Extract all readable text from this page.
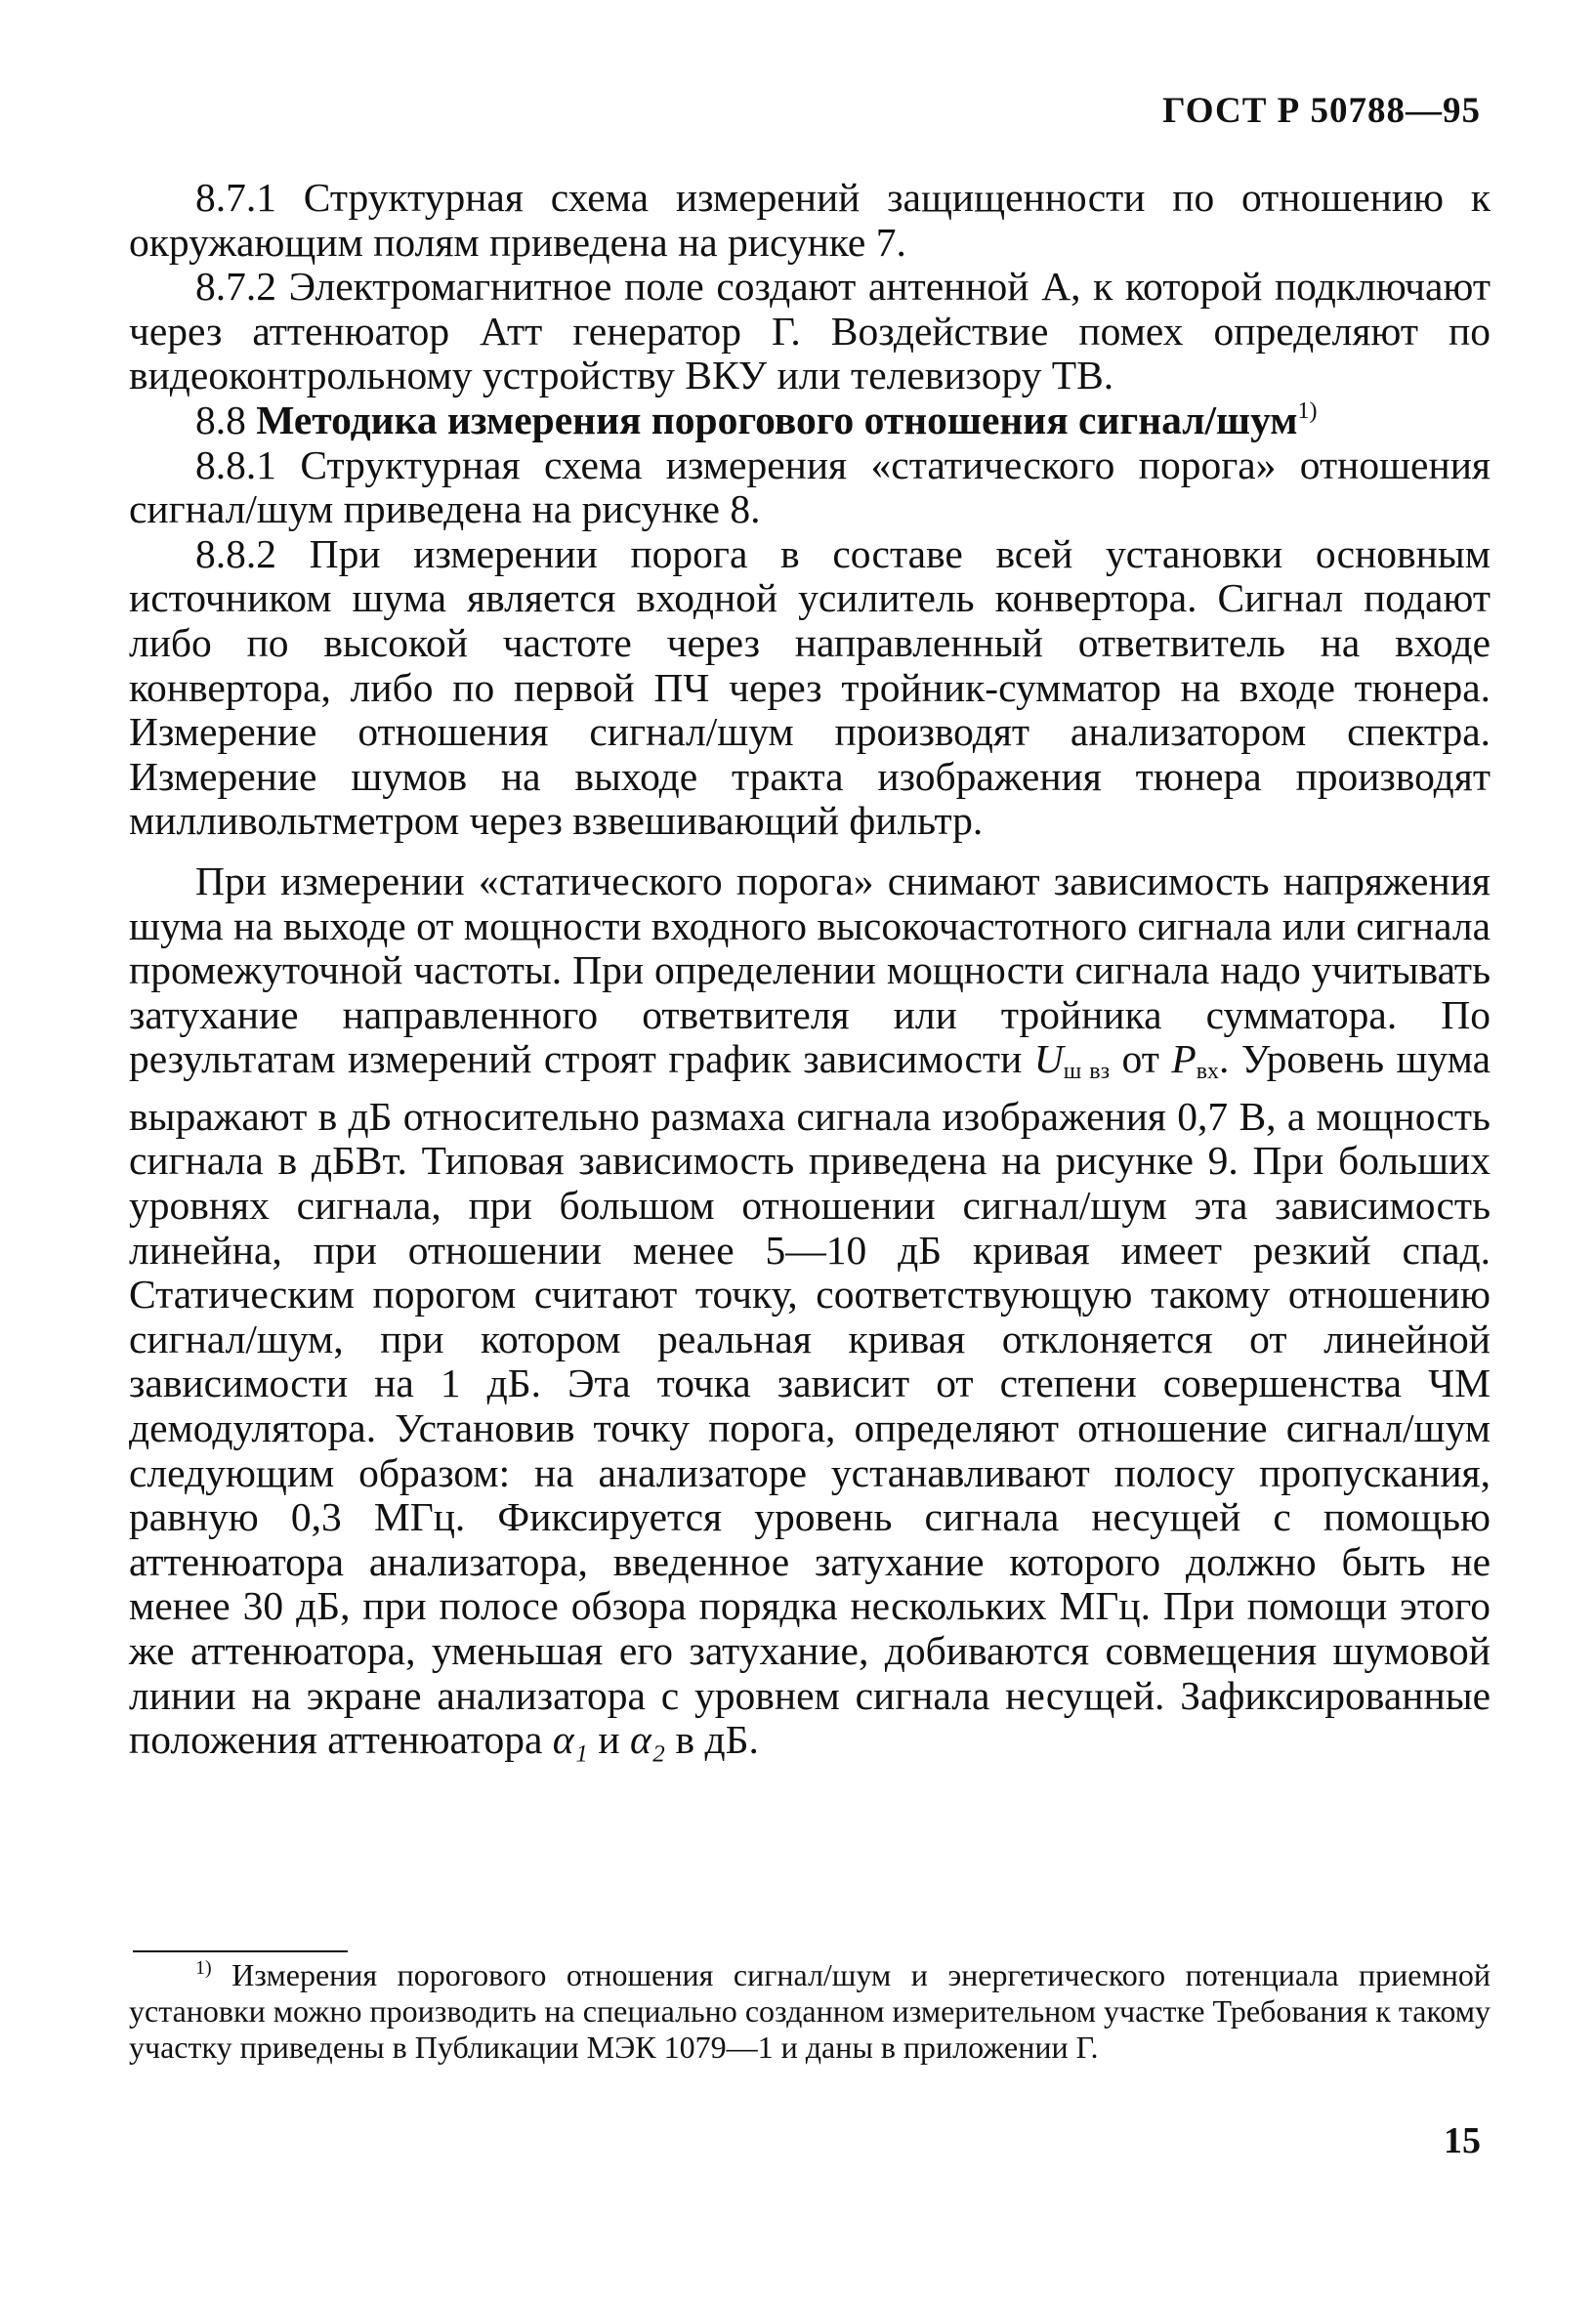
ГОСТ Р 50788—95

8.7.1 Структурная схема измерений защищенности по отношению к окружающим полям приведена на рисунке 7.

8.7.2 Электромагнитное поле создают антенной А, к которой подключают через аттенюатор Атт генератор Г. Воздействие помех определяют по видеоконтрольному устройству ВКУ или телевизору ТВ.

8.8 Методика измерения порогового отношения сигнал/шум$^{1)}$

8.8.1 Структурная схема измерения «статического порога» отношения сигнал/шум приведена на рисунке 8.

8.8.2 При измерении порога в составе всей установки основным источником шума является входной усилитель конвертора. Сигнал подают либо по высокой частоте через направленный ответвитель на входе конвертора, либо по первой ПЧ через тройник-сумматор на входе тюнера. Измерение отношения сигнал/шум производят анализатором спектра. Измерение шумов на выходе тракта изображения тюнера производят милливольтметром через взвешивающий фильтр.

При измерении «статического порога» снимают зависимость напряжения шума на выходе от мощности входного высокочастотного сигнала или сигнала промежуточной частоты. При определении мощности сигнала надо учитывать затухание направленного ответвителя или тройника сумматора. По результатам измерений строят график зависимости $U_{ш вз}$ от $P_{вх}$. Уровень шума выражают в дБ относительно размаха сигнала изображения 0,7 В, а мощность сигнала в дБВт. Типовая зависимость приведена на рисунке 9. При больших уровнях сигнала, при большом отношении сигнал/шум эта зависимость линейна, при отношении менее 5—10 дБ кривая имеет резкий спад. Статическим порогом считают точку, соответствующую такому отношению сигнал/шум, при котором реальная кривая отклоняется от линейной зависимости на 1 дБ. Эта точка зависит от степени совершенства ЧМ демодулятора. Установив точку порога, определяют отношение сигнал/шум следующим образом: на анализаторе устанавливают полосу пропускания, равную 0,3 МГц. Фиксируется уровень сигнала несущей с помощью аттенюатора анализатора, введенное затухание которого должно быть не менее 30 дБ, при полосе обзора порядка нескольких МГц. При помощи этого же аттенюатора, уменьшая его затухание, добиваются совмещения шумовой линии на экране анализатора с уровнем сигнала несущей. Зафиксированные положения аттенюатора α₁ и α₂ в дБ.

$^{1)}$ Измерения порогового отношения сигнал/шум и энергетического потенциала приемной установки можно производить на специально созданном измерительном участке Требования к такому участку приведены в Публикации МЭК 1079—1 и даны в приложении Г.

15
